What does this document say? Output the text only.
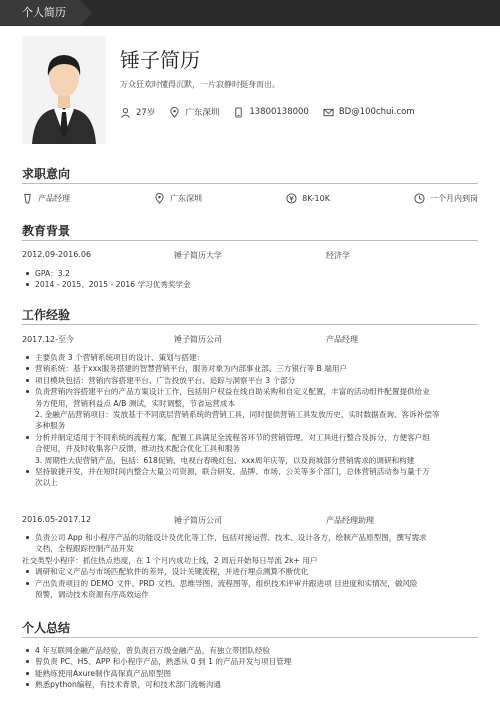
个人简历
锤子简历
万众狂欢时懂得沉默，一片寂静时挺身而出。
27岁	广东深圳	13800138000	BD@100chui.com
求职意向
产品经理	广东深圳	8K-10K	一个月内到岗
教育背景
2012.09-2016.06	锤子简历大学	经济学
GPA：3.2
2014 - 2015、2015 - 2016 学习优秀奖学金
工作经验
2017.12-至今	锤子简历公司	产品经理
主要负责 3 个营销系统项目的设计、策划与搭建：
营销系统：基于xxx服务搭建的智慧营销平台，服务对象为内部事业部、三方银行等 B 端用户
项目模块包括：营销内容搭建平台、广告投放平台、追踪与洞察平台 3 个部分
负责营销内容搭建平台的产品方案设计工作，包括用户权益在线自助采购和自定义配置，丰富的活动组件配置提供给业
务方使用，营销利益点 A/B 测试，实时调整，节省运营成本
2. 金融产品营销项目：发放基于不同底层营销系统的营销工具，同时提供营销工具发放历史、实时数据查询、客诉补偿等
多种服务
分析并制定适用于不同系统的流程方案，配置工具满足全流程各环节的营销管理，对工具进行整合及拆分，方便客户组
合使用，并及时收集客户反馈，推动技术配合优化工具和服务
3. 周期性大促营销产品，包括：618促销、电视台春晚红包、xxx周年庆等，以及商城部分营销需求的调研和构建
坚持敏捷开发，并在短时间内整合大量公司资源，联合研发、品牌、市场、公关等多个部门，总体营销活动参与量千万
次以上
2016.05-2017.12	锤子简历公司	产品经理助理
负责公司 App 和小程序产品的功能设计及优化等工作，包括对接运营、技术、设计各方，绘制产品原型图，撰写需求
文档，全程跟踪控制产品开发
社交类型小程序：抓住热点热度，在 1 个月内成功上线，2 周后开始每日导流 2k+ 用户
调研和定义产品与市场匹配软件的差异，设计关键流程，并进行埋点测算不断优化
产出负责项目的 DEMO 文件、PRD 文档、思维导图、流程图等，组织技术评审并跟进项 目进度和实情况，做风险
预警，调动技术资源有序高效运作
个人总结
4 年互联网金融产品经验，曾负责百万级金融产品，有独立带团队经验
曾负责 PC、H5、APP 和小程序产品，熟悉从 0 到 1 的产品开发与项目管理
能熟练使用Axure制作高保真产品原型图
熟悉python编程，有技术背景，可和技术部门流畅沟通
